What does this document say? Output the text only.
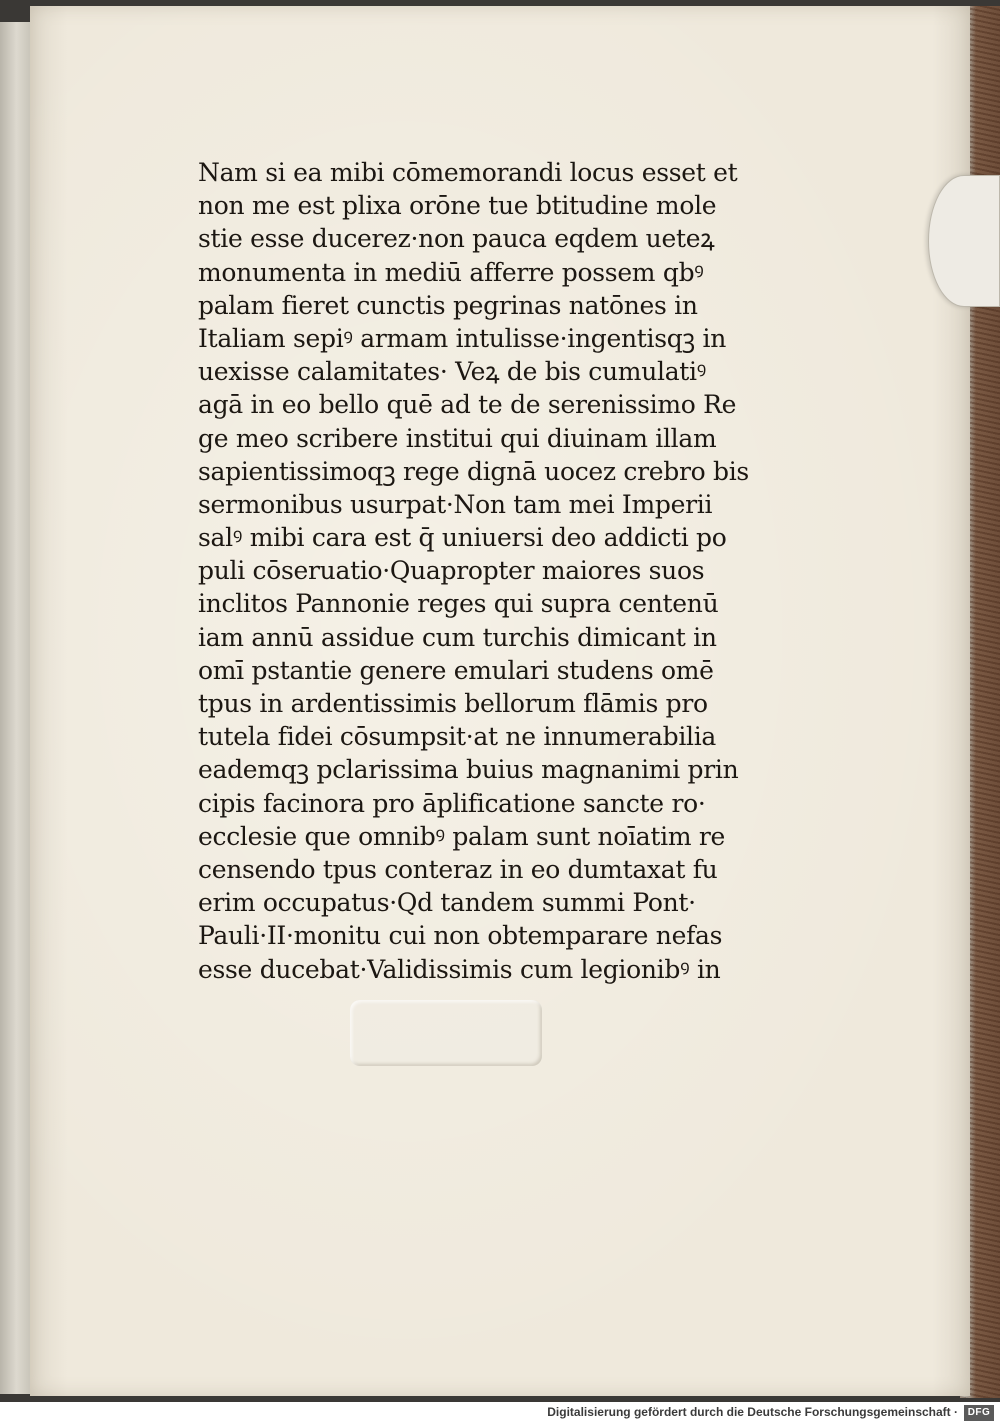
Nam si ea mibi cōmemorandi locus esset et
non me est plixa orōne tue btitudine mole
stie esse ducerez·non pauca eqdem ueteꝝ
monumenta in mediū afferre possem qbꝰ
palam fieret cunctis pegrinas natōnes in
Italiam sepiꝰ armam intulisse·ingentisqꝫ in
uexisse calamitates· Veꝝ de bis cumulatiꝰ
agā in eo bello quē ad te de serenissimo Re
ge meo scribere institui qui diuinam illam
sapientissimoqꝫ rege dignā uocez crebro bis
sermonibus usurpat·Non tam mei Imperii
salꝰ mibi cara est q̄ uniuersi deo addicti po
puli cōseruatio·Quapropter maiores suos
inclitos Pannonie reges qui supra centenū
iam annū assidue cum turchis dimicant in
omī pstantie genere emulari studens omē
tpus in ardentissimis bellorum flāmis pro
tutela fidei cōsumpsit·at ne innumerabilia
eademqꝫ pclarissima buius magnanimi prin
cipis facinora pro āplificatione sancte ro·
ecclesie que omnibꝰ palam sunt noīatim re
censendo tpus conteraz in eo dumtaxat fu
erim occupatus·Qd tandem summi Pont·
Pauli·II·monitu cui non obtemparare nefas
esse ducebat·Validissimis cum legionibꝰ in
Digitalisierung gefördert durch die Deutsche Forschungsgemeinschaft · DFG
